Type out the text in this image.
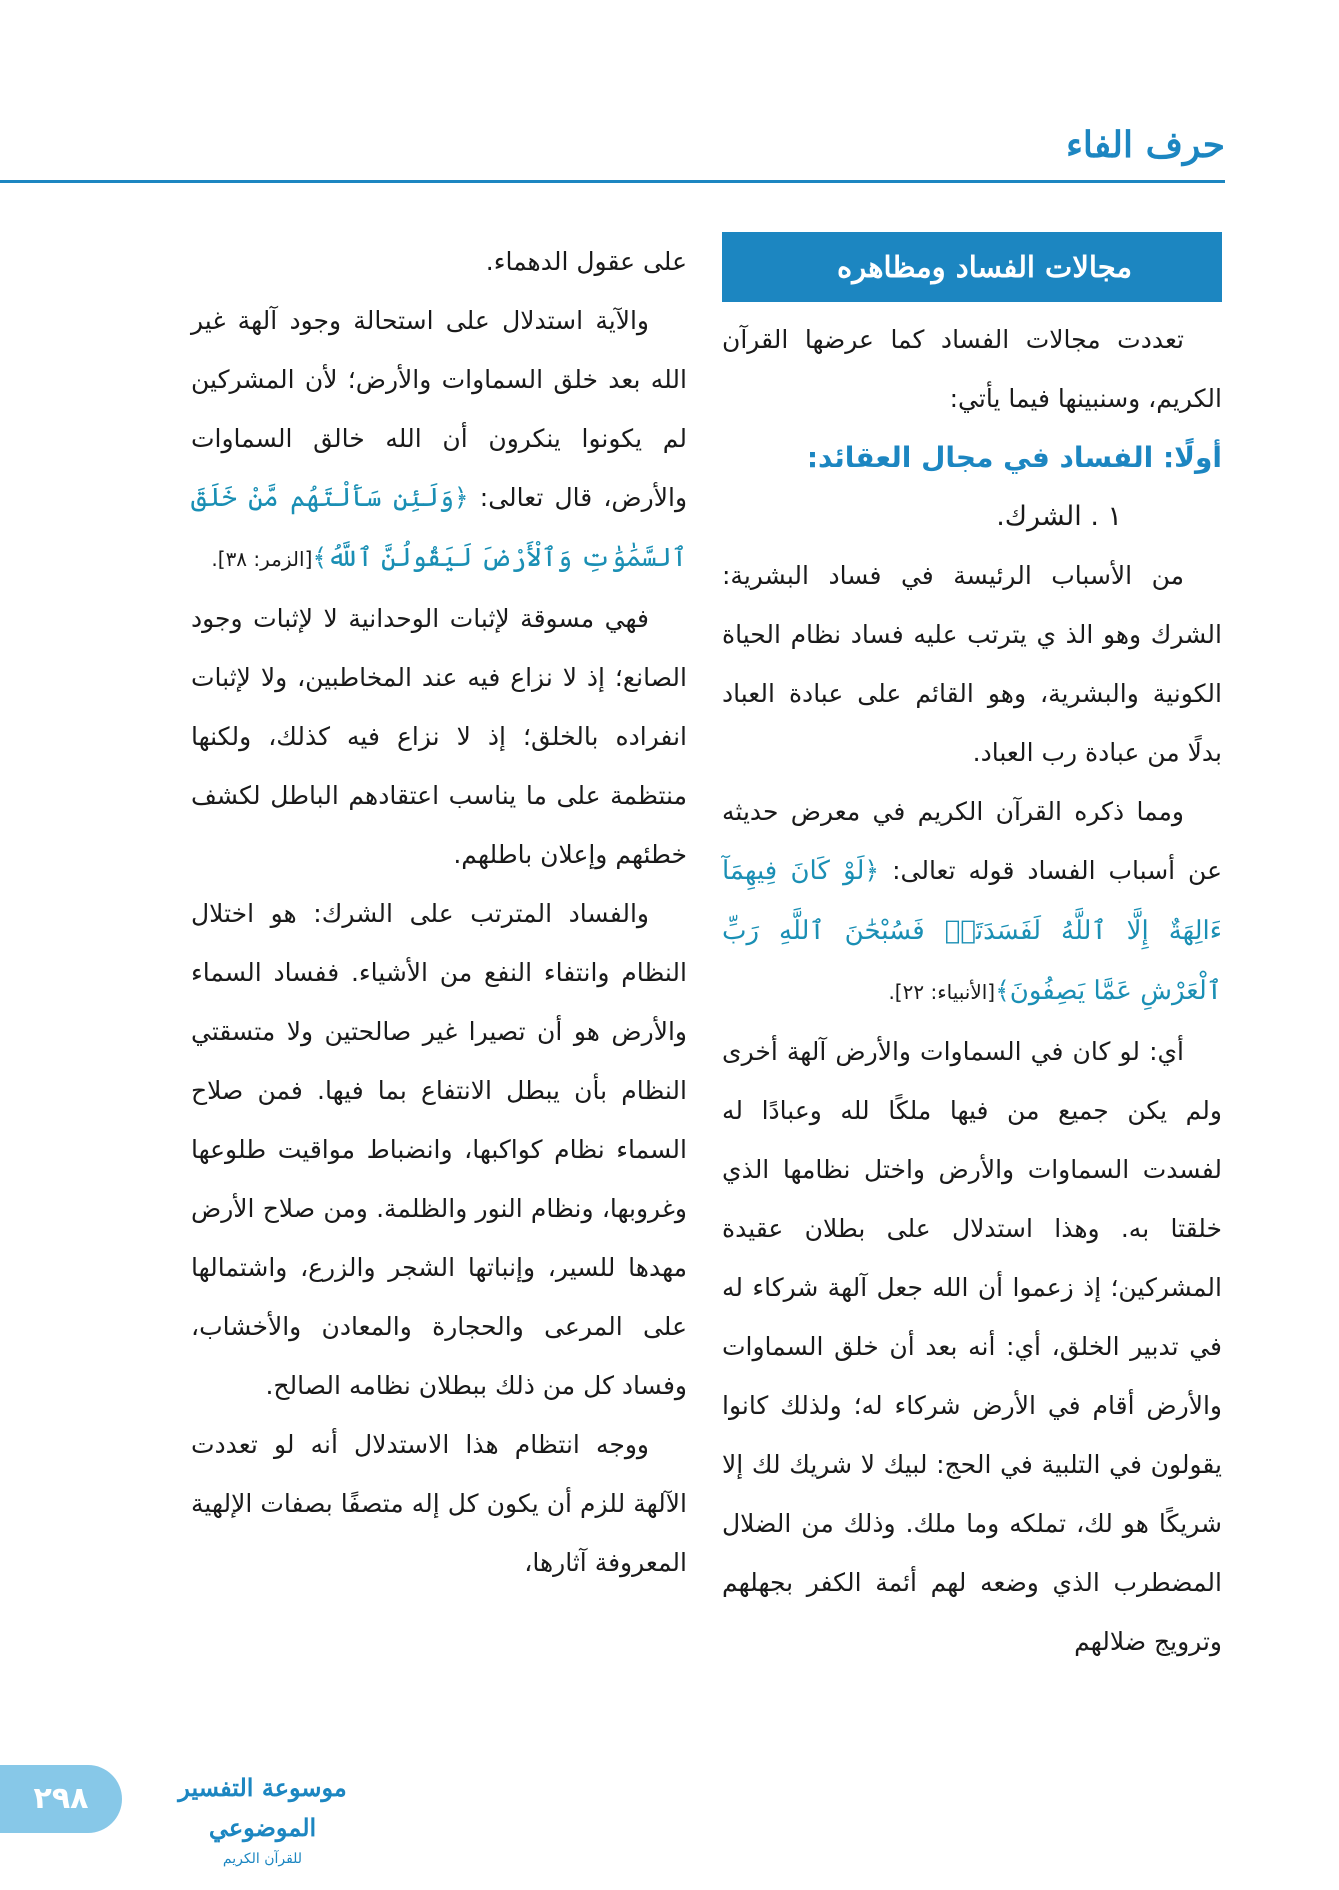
حرف الفاء
مجالات الفساد ومظاهره

تعددت مجالات الفساد كما عرضها القرآن الكريم، وسنبينها فيما يأتي:

أولًا: الفساد في مجال العقائد:

١ . الشرك.

من الأسباب الرئيسة في فساد البشرية: الشرك وهو الذ ي يترتب عليه فساد نظام الحياة الكونية والبشرية، وهو القائم على عبادة العباد بدلًا من عبادة رب العباد.

ومما ذكره القرآن الكريم في معرض حديثه عن أسباب الفساد قوله تعالى: ﴿لَوْ كَانَ فِيهِمَآ ءَالِهَةٌ إِلَّا ٱللَّهُ لَفَسَدَتَاۚ فَسُبْحَٰنَ ٱللَّهِ رَبِّ ٱلْعَرْشِ عَمَّا يَصِفُونَ﴾[الأنبياء: ٢٢].

أي: لو كان في السماوات والأرض آلهة أخرى ولم يكن جميع من فيها ملكًا لله وعبادًا له لفسدت السماوات والأرض واختل نظامها الذي خلقتا به. وهذا استدلال على بطلان عقيدة المشركين؛ إذ زعموا أن الله جعل آلهة شركاء له في تدبير الخلق، أي: أنه بعد أن خلق السماوات والأرض أقام في الأرض شركاء له؛ ولذلك كانوا يقولون في التلبية في الحج: لبيك لا شريك لك إلا شريكًا هو لك، تملكه وما ملك. وذلك من الضلال المضطرب الذي وضعه لهم أئمة الكفر بجهلهم وترويج ضلالهم

على عقول الدهماء.

والآية استدلال على استحالة وجود آلهة غير الله بعد خلق السماوات والأرض؛ لأن المشركين لم يكونوا ينكرون أن الله خالق السماوات والأرض، قال تعالى: ﴿وَلَئِن سَأَلْتَهُم مَّنْ خَلَقَ ٱلسَّمَٰوَٰتِ وَٱلْأَرْضَ لَيَقُولُنَّ ٱللَّهُ﴾[الزمر: ٣٨].

فهي مسوقة لإثبات الوحدانية لا لإثبات وجود الصانع؛ إذ لا نزاع فيه عند المخاطبين، ولا لإثبات انفراده بالخلق؛ إذ لا نزاع فيه كذلك، ولكنها منتظمة على ما يناسب اعتقادهم الباطل لكشف خطئهم وإعلان باطلهم.

والفساد المترتب على الشرك: هو اختلال النظام وانتفاء النفع من الأشياء. ففساد السماء والأرض هو أن تصيرا غير صالحتين ولا متسقتي النظام بأن يبطل الانتفاع بما فيها. فمن صلاح السماء نظام كواكبها، وانضباط مواقيت طلوعها وغروبها، ونظام النور والظلمة. ومن صلاح الأرض مهدها للسير، وإنباتها الشجر والزرع، واشتمالها على المرعى والحجارة والمعادن والأخشاب، وفساد كل من ذلك ببطلان نظامه الصالح.

ووجه انتظام هذا الاستدلال أنه لو تعددت الآلهة للزم أن يكون كل إله متصفًا بصفات الإلهية المعروفة آثارها،

٢٩٨	موسوعة التفسير الموضوعي
للقرآن الكريم
